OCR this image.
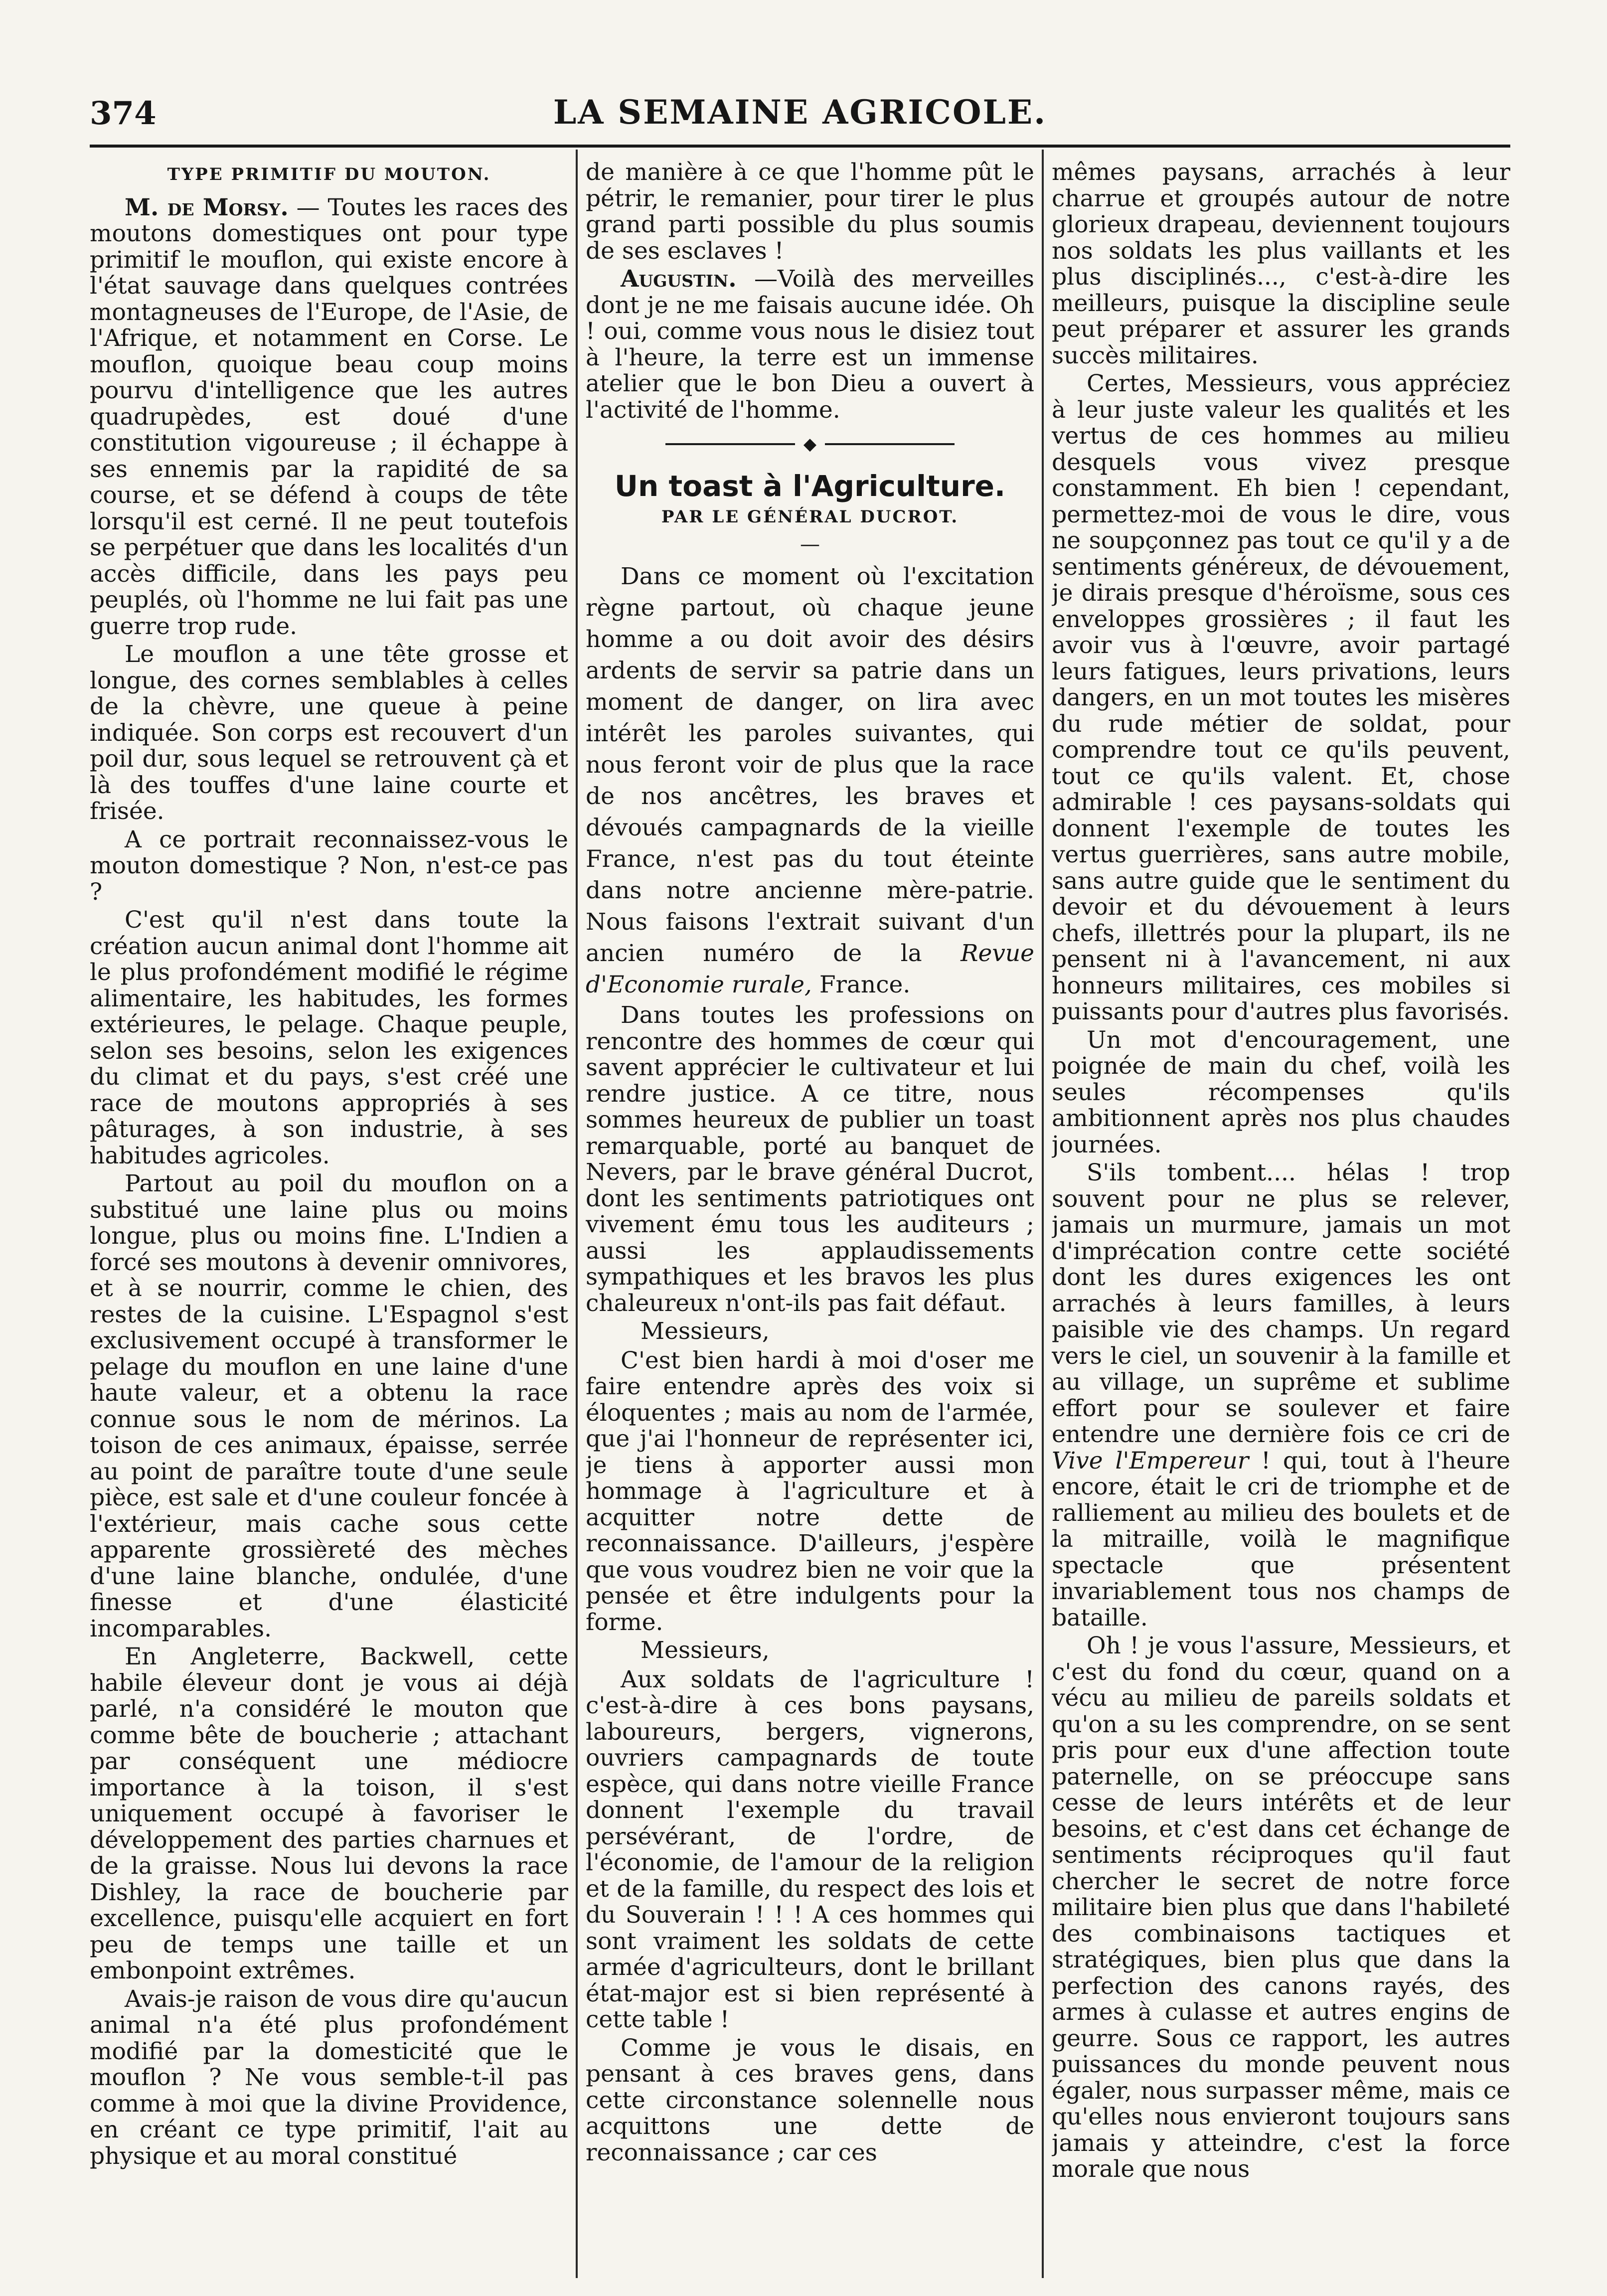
374	LA SEMAINE AGRICOLE.

TYPE PRIMITIF DU MOUTON.

M. de Morsy. — Toutes les races des moutons domestiques ont pour type primitif le mouflon, qui existe encore à l'état sauvage dans quelques contrées montagneuses de l'Europe, de l'Asie, de l'Afrique, et notamment en Corse. Le mouflon, quoique beau coup moins pourvu d'intelligence que les autres quadrupèdes, est doué d'une constitution vigoureuse ; il échappe à ses ennemis par la rapidité de sa course, et se défend à coups de tête lorsqu'il est cerné. Il ne peut toutefois se perpétuer que dans les localités d'un accès difficile, dans les pays peu peuplés, où l'homme ne lui fait pas une guerre trop rude.

Le mouflon a une tête grosse et longue, des cornes semblables à celles de la chèvre, une queue à peine indiquée. Son corps est recouvert d'un poil dur, sous lequel se retrouvent çà et là des touffes d'une laine courte et frisée.

A ce portrait reconnaissez-vous le mouton domestique ? Non, n'est-ce pas ?

C'est qu'il n'est dans toute la création aucun animal dont l'homme ait le plus profondément modifié le régime alimentaire, les habitudes, les formes extérieures, le pelage. Chaque peuple, selon ses besoins, selon les exigences du climat et du pays, s'est créé une race de moutons appropriés à ses pâturages, à son industrie, à ses habitudes agricoles.

Partout au poil du mouflon on a substitué une laine plus ou moins longue, plus ou moins fine. L'Indien a forcé ses moutons à devenir omnivores, et à se nourrir, comme le chien, des restes de la cuisine. L'Espagnol s'est exclusivement occupé à transformer le pelage du mouflon en une laine d'une haute valeur, et a obtenu la race connue sous le nom de mérinos. La toison de ces animaux, épaisse, serrée au point de paraître toute d'une seule pièce, est sale et d'une couleur foncée à l'extérieur, mais cache sous cette apparente grossièreté des mèches d'une laine blanche, ondulée, d'une finesse et d'une élasticité incomparables.

En Angleterre, Backwell, cette habile éleveur dont je vous ai déjà parlé, n'a considéré le mouton que comme bête de boucherie ; attachant par conséquent une médiocre importance à la toison, il s'est uniquement occupé à favoriser le développement des parties charnues et de la graisse. Nous lui devons la race Dishley, la race de boucherie par excellence, puisqu'elle acquiert en fort peu de temps une taille et un embonpoint extrêmes.

Avais-je raison de vous dire qu'aucun animal n'a été plus profondément modifié par la domesticité que le mouflon ? Ne vous semble-t-il pas comme à moi que la divine Providence, en créant ce type primitif, l'ait au physique et au moral constitué

de manière à ce que l'homme pût le pétrir, le remanier, pour tirer le plus grand parti possible du plus soumis de ses esclaves !

Augustin. —Voilà des merveilles dont je ne me faisais aucune idée. Oh ! oui, comme vous nous le disiez tout à l'heure, la terre est un immense atelier que le bon Dieu a ouvert à l'activité de l'homme.

◆
Un toast à l'Agriculture.
PAR LE GÉNÉRAL DUCROT.
—

Dans ce moment où l'excitation règne partout, où chaque jeune homme a ou doit avoir des désirs ardents de servir sa patrie dans un moment de danger, on lira avec intérêt les paroles suivantes, qui nous feront voir de plus que la race de nos ancêtres, les braves et dévoués campagnards de la vieille France, n'est pas du tout éteinte dans notre ancienne mère-patrie. Nous faisons l'extrait suivant d'un ancien numéro de la Revue d'Economie rurale, France.

Dans toutes les professions on rencontre des hommes de cœur qui savent apprécier le cultivateur et lui rendre justice. A ce titre, nous sommes heureux de publier un toast remarquable, porté au banquet de Nevers, par le brave général Ducrot, dont les sentiments patriotiques ont vivement ému tous les auditeurs ; aussi les applaudissements sympathiques et les bravos les plus chaleureux n'ont-ils pas fait défaut.

Messieurs,

C'est bien hardi à moi d'oser me faire entendre après des voix si éloquentes ; mais au nom de l'armée, que j'ai l'honneur de représenter ici, je tiens à apporter aussi mon hommage à l'agriculture et à acquitter notre dette de reconnaissance. D'ailleurs, j'espère que vous voudrez bien ne voir que la pensée et être indulgents pour la forme.

Messieurs,

Aux soldats de l'agriculture ! c'est-à-dire à ces bons paysans, laboureurs, bergers, vignerons, ouvriers campagnards de toute espèce, qui dans notre vieille France donnent l'exemple du travail persévérant, de l'ordre, de l'économie, de l'amour de la religion et de la famille, du respect des lois et du Souverain ! ! ! A ces hommes qui sont vraiment les soldats de cette armée d'agriculteurs, dont le brillant état-major est si bien représenté à cette table !

Comme je vous le disais, en pensant à ces braves gens, dans cette circonstance solennelle nous acquittons une dette de reconnaissance ; car ces

mêmes paysans, arrachés à leur charrue et groupés autour de notre glorieux drapeau, deviennent toujours nos soldats les plus vaillants et les plus disciplinés..., c'est-à-dire les meilleurs, puisque la discipline seule peut préparer et assurer les grands succès militaires.

Certes, Messieurs, vous appréciez à leur juste valeur les qualités et les vertus de ces hommes au milieu desquels vous vivez presque constamment. Eh bien ! cependant, permettez-moi de vous le dire, vous ne soupçonnez pas tout ce qu'il y a de sentiments généreux, de dévouement, je dirais presque d'héroïsme, sous ces enveloppes grossières ; il faut les avoir vus à l'œuvre, avoir partagé leurs fatigues, leurs privations, leurs dangers, en un mot toutes les misères du rude métier de soldat, pour comprendre tout ce qu'ils peuvent, tout ce qu'ils valent. Et, chose admirable ! ces paysans-soldats qui donnent l'exemple de toutes les vertus guerrières, sans autre mobile, sans autre guide que le sentiment du devoir et du dévouement à leurs chefs, illettrés pour la plupart, ils ne pensent ni à l'avancement, ni aux honneurs militaires, ces mobiles si puissants pour d'autres plus favorisés.

Un mot d'encouragement, une poignée de main du chef, voilà les seules récompenses qu'ils ambitionnent après nos plus chaudes journées.

S'ils tombent.... hélas ! trop souvent pour ne plus se relever, jamais un murmure, jamais un mot d'imprécation contre cette société dont les dures exigences les ont arrachés à leurs familles, à leurs paisible vie des champs. Un regard vers le ciel, un souvenir à la famille et au village, un suprême et sublime effort pour se soulever et faire entendre une dernière fois ce cri de Vive l'Empereur ! qui, tout à l'heure encore, était le cri de triomphe et de ralliement au milieu des boulets et de la mitraille, voilà le magnifique spectacle que présentent invariablement tous nos champs de bataille.

Oh ! je vous l'assure, Messieurs, et c'est du fond du cœur, quand on a vécu au milieu de pareils soldats et qu'on a su les comprendre, on se sent pris pour eux d'une affection toute paternelle, on se préoccupe sans cesse de leurs intérêts et de leur besoins, et c'est dans cet échange de sentiments réciproques qu'il faut chercher le secret de notre force militaire bien plus que dans l'habileté des combinaisons tactiques et stratégiques, bien plus que dans la perfection des canons rayés, des armes à culasse et autres engins de geurre. Sous ce rapport, les autres puissances du monde peuvent nous égaler, nous surpasser même, mais ce qu'elles nous envieront toujours sans jamais y atteindre, c'est la force morale que nous
